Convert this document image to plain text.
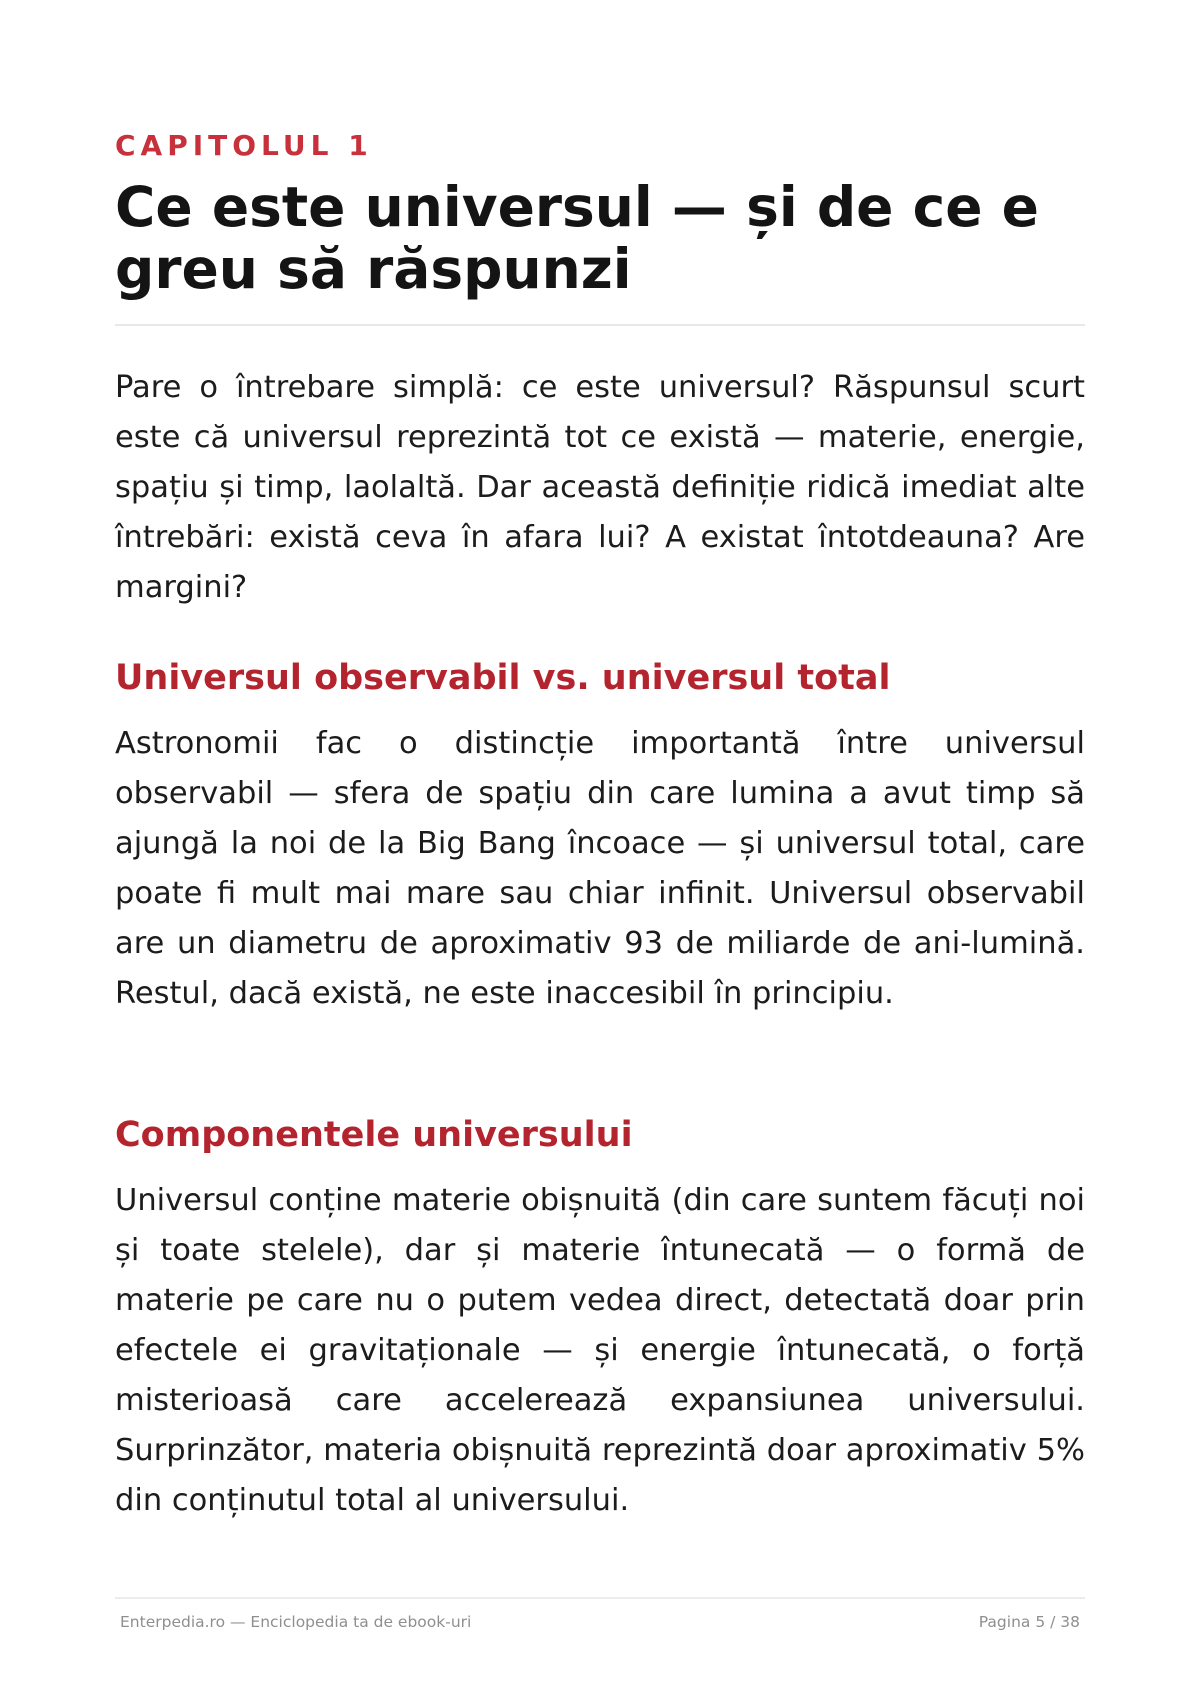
CAPITOLUL 1

Ce este universul — și de ce e greu să răspunzi

Pare o întrebare simplă: ce este universul? Răspunsul scurt este că universul reprezintă tot ce există — materie, energie, spațiu și timp, laolaltă. Dar această definiție ridică imediat alte întrebări: există ceva în afara lui? A existat întotdeauna? Are margini?

Universul observabil vs. universul total

Astronomii fac o distincție importantă între universul observabil — sfera de spațiu din care lumina a avut timp să ajungă la noi de la Big Bang încoace — și universul total, care poate fi mult mai mare sau chiar infinit. Universul observabil are un diametru de aproximativ 93 de miliarde de ani-lumină. Restul, dacă există, ne este inaccesibil în principiu.

Componentele universului

Universul conține materie obișnuită (din care suntem făcuți noi și toate stelele), dar și materie întunecată — o formă de materie pe care nu o putem vedea direct, detectată doar prin efectele ei gravitaționale — și energie întunecată, o forță misterioasă care accelerează expansiunea universului. Surprinzător, materia obișnuită reprezintă doar aproximativ 5% din conținutul total al universului.

Enterpedia.ro — Enciclopedia ta de ebook-uri	Pagina 5 / 38
